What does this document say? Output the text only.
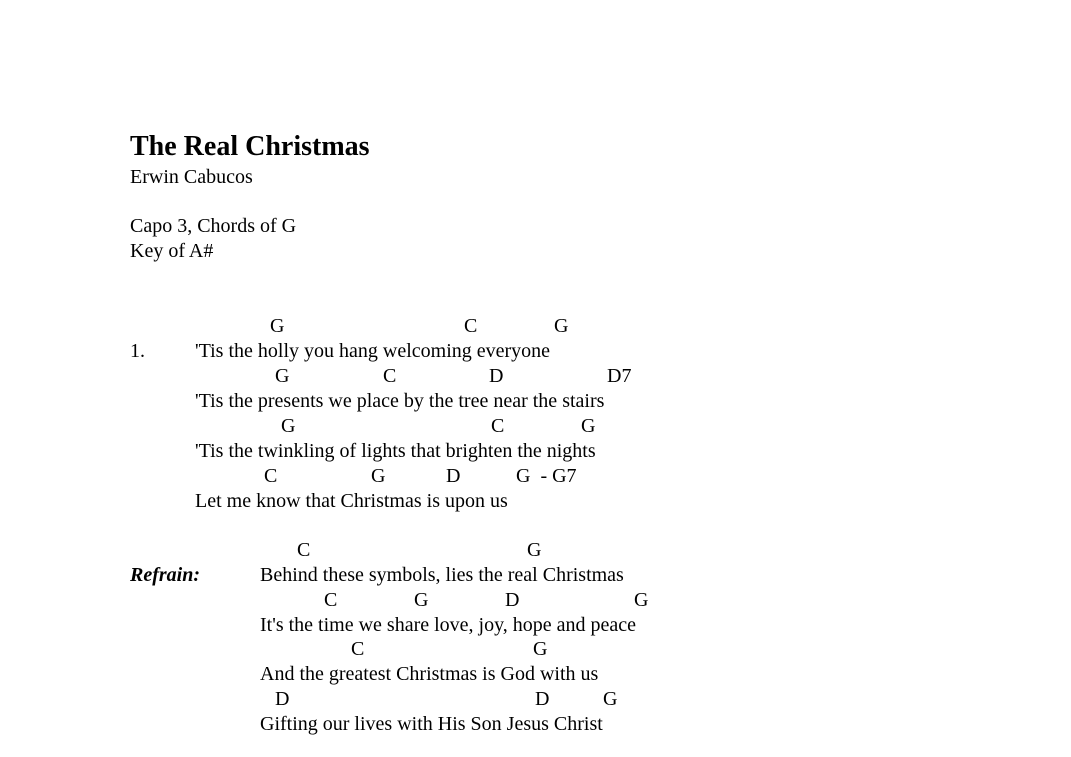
The Real Christmas
Erwin Cabucos
Capo 3, Chords of G
Key of A#
1.
G	C	G
'Tis the holly you hang welcoming everyone
G	C	D	D7
'Tis the presents we place by the tree near the stairs
G	C	G
'Tis the twinkling of lights that brighten the nights
C	G	D	G  - G7
Let me know that Christmas is upon us
Refrain:
C	G
Behind these symbols, lies the real Christmas
C	G	D	G
It's the time we share love, joy, hope and peace
C	G
And the greatest Christmas is God with us
D	D	G
Gifting our lives with His Son Jesus Christ
